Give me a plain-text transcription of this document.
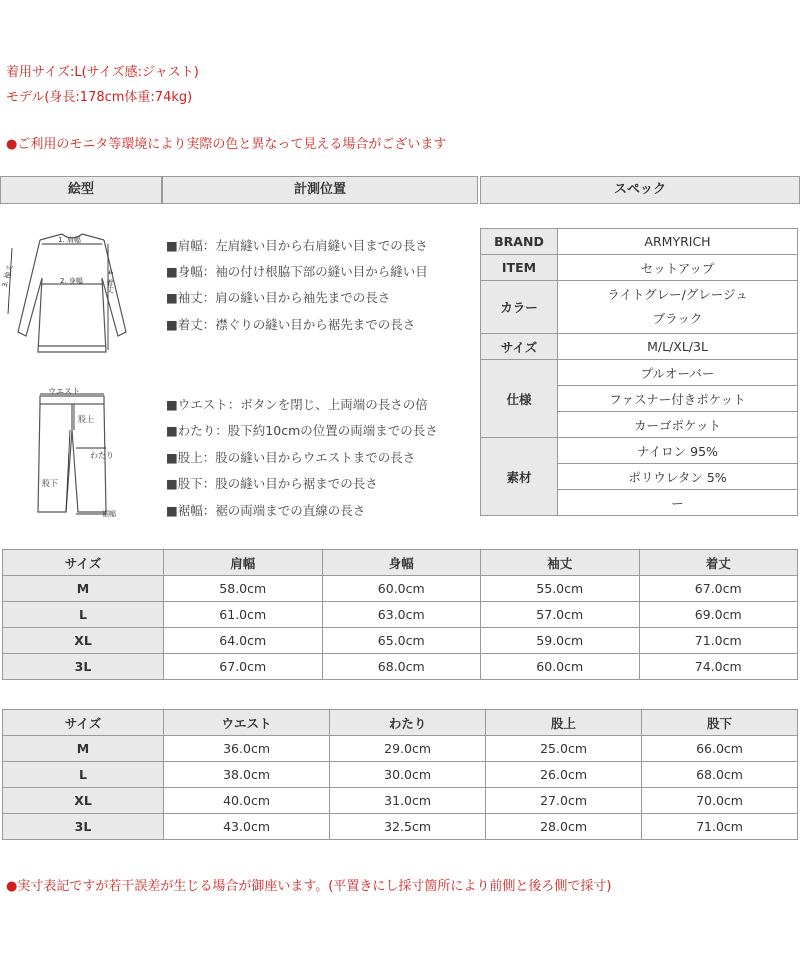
着用サイズ:L(サイズ感:ジャスト)
モデル(身長:178cm体重:74kg)
●ご利用のモニタ等環境により実際の色と異なって見える場合がございます
絵型	計測位置	スペック
1. 肩幅
2. 身幅
3. 袖丈	4. 着丈
ウエスト
股上
わたり
股下
裾幅
■肩幅：左肩縫い目から右肩縫い目までの長さ
■身幅：袖の付け根脇下部の縫い目から縫い目
■袖丈：肩の縫い目から袖先までの長さ
■着丈：襟ぐりの縫い目から裾先までの長さ
■ウエスト：ボタンを閉じ、上両端の長さの倍
■わたり：股下約10cmの位置の両端までの長さ
■股上：股の縫い目からウエストまでの長さ
■股下：股の縫い目から裾までの長さ
■裾幅：裾の両端までの直線の長さ
BRAND	ARMYRICH
ITEM	セットアップ
カラー	ライトグレー/グレージュ
ブラック

サイズ	M/L/XL/3L
仕様	プルオーバー
	ファスナー付きポケット
	カーゴポケット
素材	ナイロン 95%
	ポリウレタン 5%
	ー
サイズ	肩幅	身幅	袖丈	着丈
M	58.0cm	60.0cm	55.0cm	67.0cm
L	61.0cm	63.0cm	57.0cm	69.0cm
XL	64.0cm	65.0cm	59.0cm	71.0cm
3L	67.0cm	68.0cm	60.0cm	74.0cm
サイズ	ウエスト	わたり	股上	股下
M	36.0cm	29.0cm	25.0cm	66.0cm
L	38.0cm	30.0cm	26.0cm	68.0cm
XL	40.0cm	31.0cm	27.0cm	70.0cm
3L	43.0cm	32.5cm	28.0cm	71.0cm
●実寸表記ですが若干誤差が生じる場合が御座います。(平置きにし採寸箇所により前側と後ろ側で採寸)
